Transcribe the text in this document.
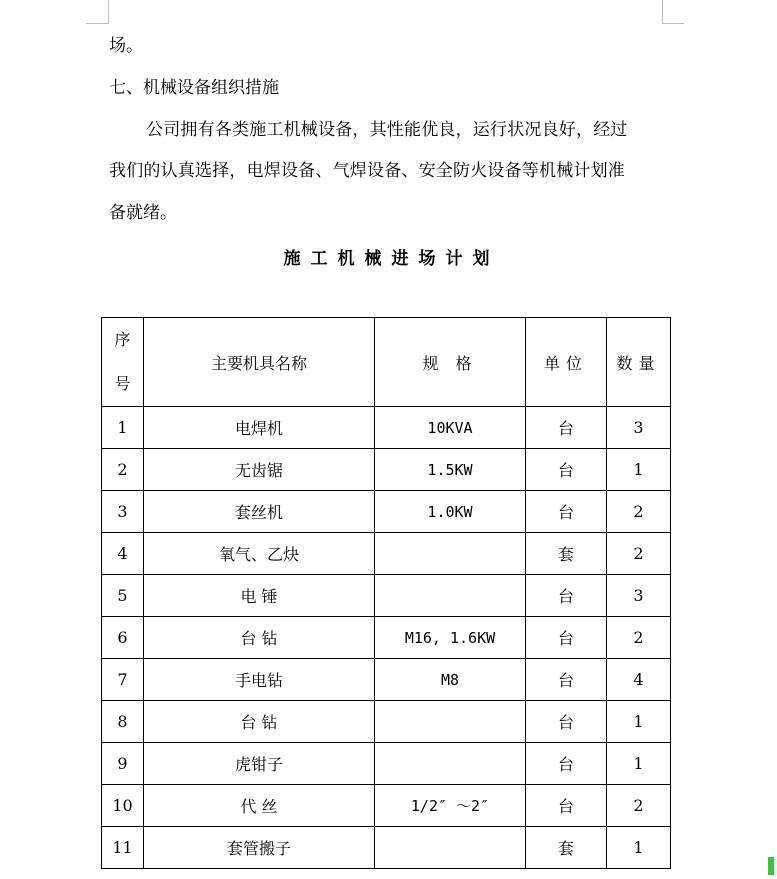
场。
七、机械设备组织措施
公司拥有各类施工机械设备，其性能优良，运行状况良好，经过
我们的认真选择，电焊设备、气焊设备、安全防火设备等机械计划准
备就绪。
施工机械进场计划
序
号	主要机具名称	规 格	单位	数量
1	电焊机	10KVA	台	3
2	无齿锯	1.5KW	台	1
3	套丝机	1.0KW	台	2
4	氧气、乙炔		套	2
5	电 锤		台	3
6	台 钻	M16, 1.6KW	台	2
7	手电钻	M8	台	4
8	台 钻		台	1
9	虎钳子		台	1
10	代 丝	1/2″ ～2″	台	2
11	套管搬子		套	1
